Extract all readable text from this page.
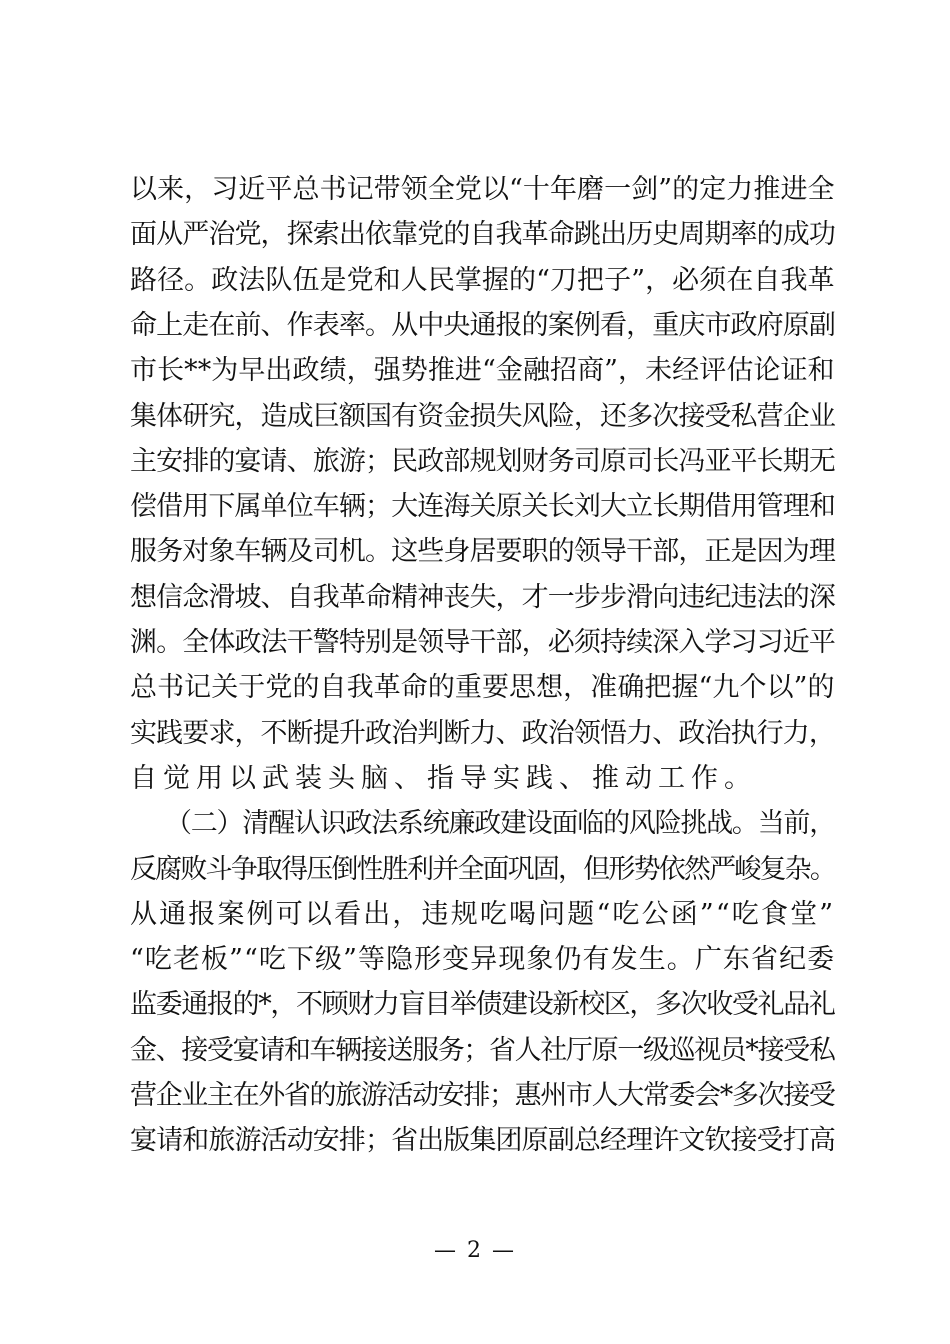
以来，习近平总书记带领全党以“十年磨一剑”的定力推进全
面从严治党，探索出依靠党的自我革命跳出历史周期率的成功
路径。政法队伍是党和人民掌握的“刀把子”，必须在自我革
命上走在前、作表率。从中央通报的案例看，重庆市政府原副
市长**为早出政绩，强势推进“金融招商”，未经评估论证和
集体研究，造成巨额国有资金损失风险，还多次接受私营企业
主安排的宴请、旅游；民政部规划财务司原司长冯亚平长期无
偿借用下属单位车辆；大连海关原关长刘大立长期借用管理和
服务对象车辆及司机。这些身居要职的领导干部，正是因为理
想信念滑坡、自我革命精神丧失，才一步步滑向违纪违法的深
渊。全体政法干警特别是领导干部，必须持续深入学习习近平
总书记关于党的自我革命的重要思想，准确把握“九个以”的
实践要求，不断提升政治判断力、政治领悟力、政治执行力，
自觉用以武装头脑、指导实践、推动工作。
（二）清醒认识政法系统廉政建设面临的风险挑战。当前，
反腐败斗争取得压倒性胜利并全面巩固，但形势依然严峻复杂。
从通报案例可以看出，违规吃喝问题“吃公函”“吃食堂”
“吃老板”“吃下级”等隐形变异现象仍有发生。广东省纪委
监委通报的*，不顾财力盲目举债建设新校区，多次收受礼品礼
金、接受宴请和车辆接送服务；省人社厅原一级巡视员*接受私
营企业主在外省的旅游活动安排；惠州市人大常委会*多次接受
宴请和旅游活动安排；省出版集团原副总经理许文钦接受打高
— 2 —
